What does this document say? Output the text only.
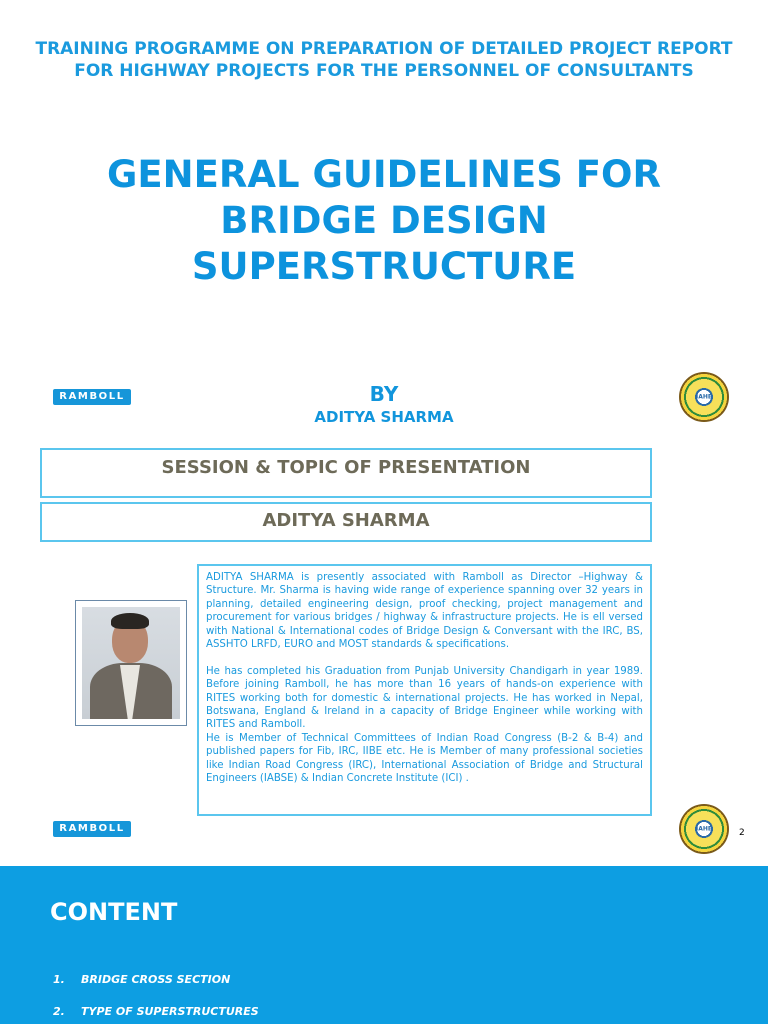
TRAINING PROGRAMME ON PREPARATION OF DETAILED PROJECT REPORT FOR HIGHWAY PROJECTS FOR THE PERSONNEL OF CONSULTANTS
GENERAL GUIDELINES FOR
BRIDGE DESIGN
SUPERSTRUCTURE
RAMBOLL	IAHE
BY
ADITYA SHARMA
SESSION & TOPIC OF PRESENTATION
ADITYA SHARMA

ADITYA SHARMA is presently associated with Ramboll as Director –Highway & Structure. Mr. Sharma is having wide range of experience spanning over 32 years in planning, detailed engineering design, proof checking, project management and procurement for various bridges / highway & infrastructure projects. He is ell versed with National & International codes of Bridge Design & Conversant with the IRC, BS, ASSHTO LRFD, EURO and MOST standards & specifications.

He has completed his Graduation from Punjab University Chandigarh in year 1989. Before joining Ramboll, he has more than 16 years of hands-on experience with RITES working both for domestic & international projects. He has worked in Nepal, Botswana, England & Ireland in a capacity of Bridge Engineer while working with RITES and Ramboll.

He is Member of Technical Committees of Indian Road Congress (B-2 & B-4) and published papers for Fib, IRC, IIBE etc. He is Member of many professional societies like Indian Road Congress (IRC), International Association of Bridge and Structural Engineers (IABSE) & Indian Concrete Institute (ICI) .

RAMBOLL	IAHE	2
CONTENT
1. BRIDGE CROSS SECTION
2. TYPE OF SUPERSTRUCTURES
